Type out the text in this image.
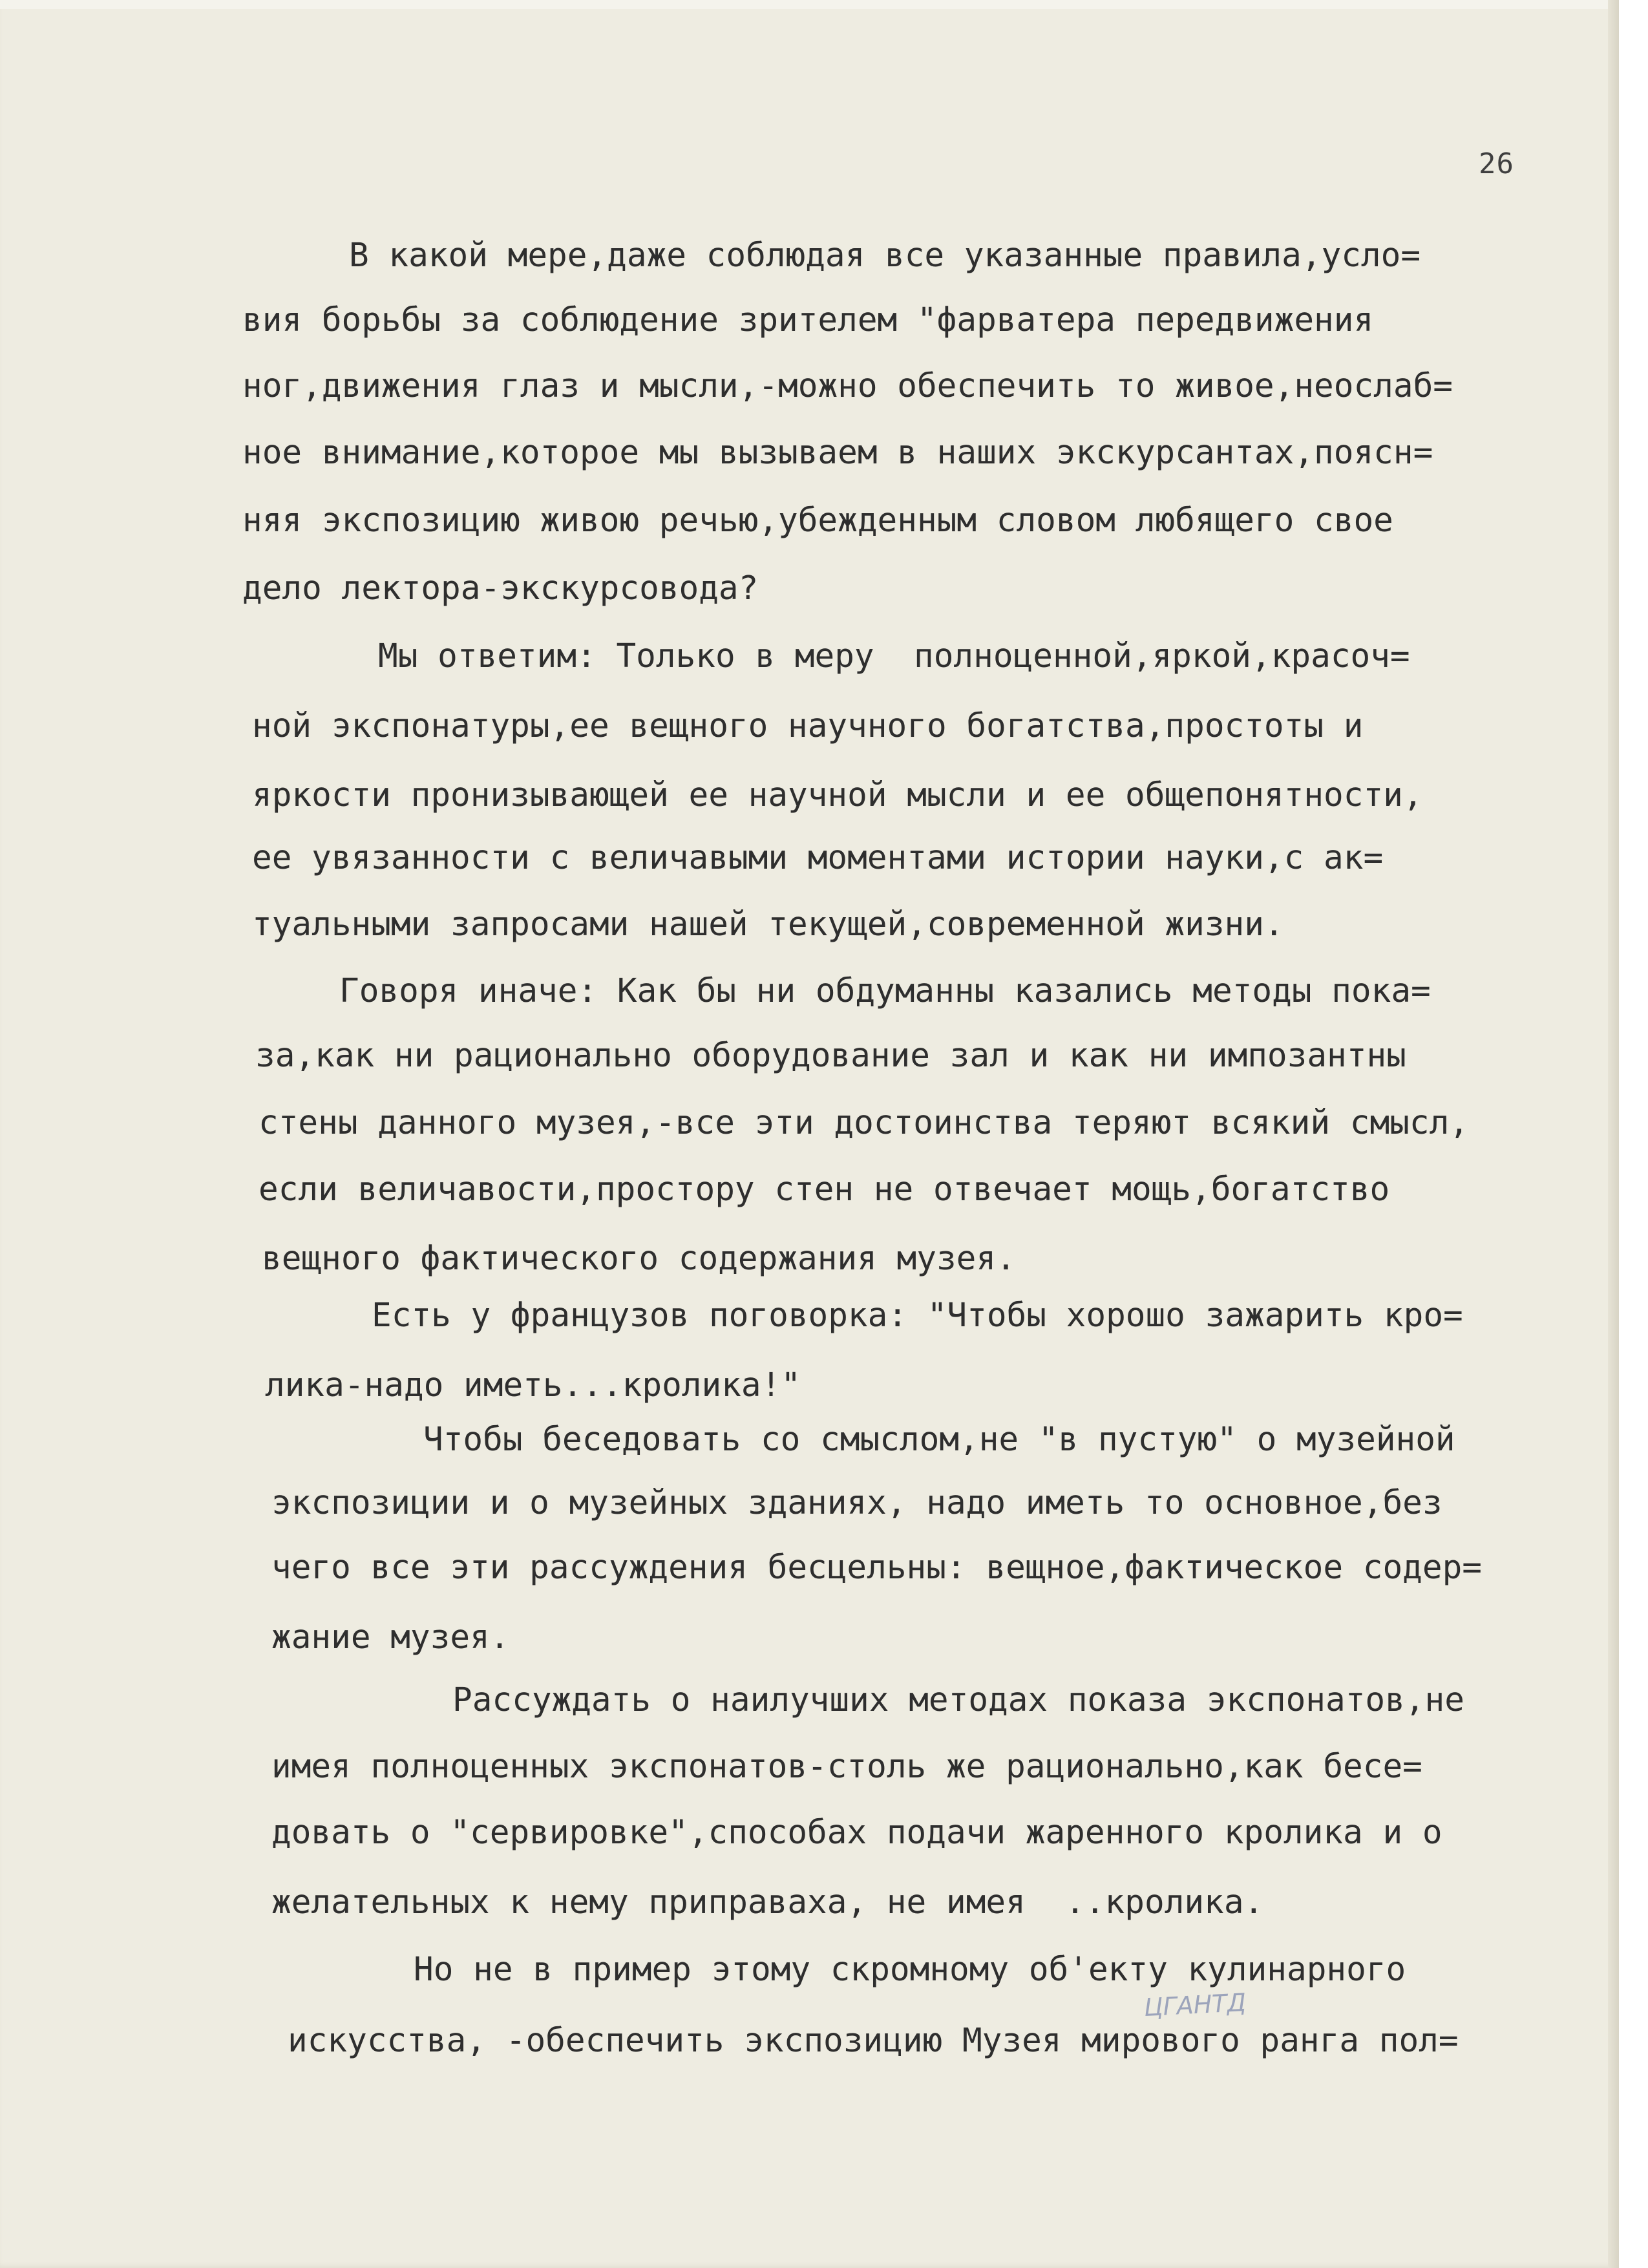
26
В какой мере,даже соблюдая все указанные правила,усло=
вия борьбы за соблюдение зрителем "фарватера передвижения
ног,движения глаз и мысли,-можно обеспечить то живое,неослаб=
ное внимание,которое мы вызываем в наших экскурсантах,поясн=
няя экспозицию живою речью,убежденным словом любящего свое
дело лектора-экскурсовода?
Мы ответим: Только в меру  полноценной,яркой,красоч=
ной экспонатуры,ее вещного научного богатства,простоты и
яркости пронизывающей ее научной мысли и ее общепонятности,
ее увязанности с величавыми моментами истории науки,с ак=
туальными запросами нашей текущей,современной жизни.
Говоря иначе: Как бы ни обдуманны казались методы пока=
за,как ни рационально оборудование зал и как ни импозантны
стены данного музея,-все эти достоинства теряют всякий смысл,
если величавости,простору стен не отвечает мощь,богатство
вещного фактического содержания музея.
Есть у французов поговорка: "Чтобы хорошо зажарить кро=
лика-надо иметь...кролика!"
Чтобы беседовать со смыслом,не "в пустую" о музейной
экспозиции и о музейных зданиях, надо иметь то основное,без
чего все эти рассуждения бесцельны: вещное,фактическое содер=
жание музея.
Рассуждать о наилучших методах показа экспонатов,не
имея полноценных экспонатов-столь же рационально,как бесе=
довать о "сервировке",способах подачи жаренного кролика и о
желательных к нему приправаха, не имея  ..кролика.
Но не в пример этому скромному об'екту кулинарного
искусства, -обеспечить экспозицию Музея мирового ранга пол=
ЦГАНТД
